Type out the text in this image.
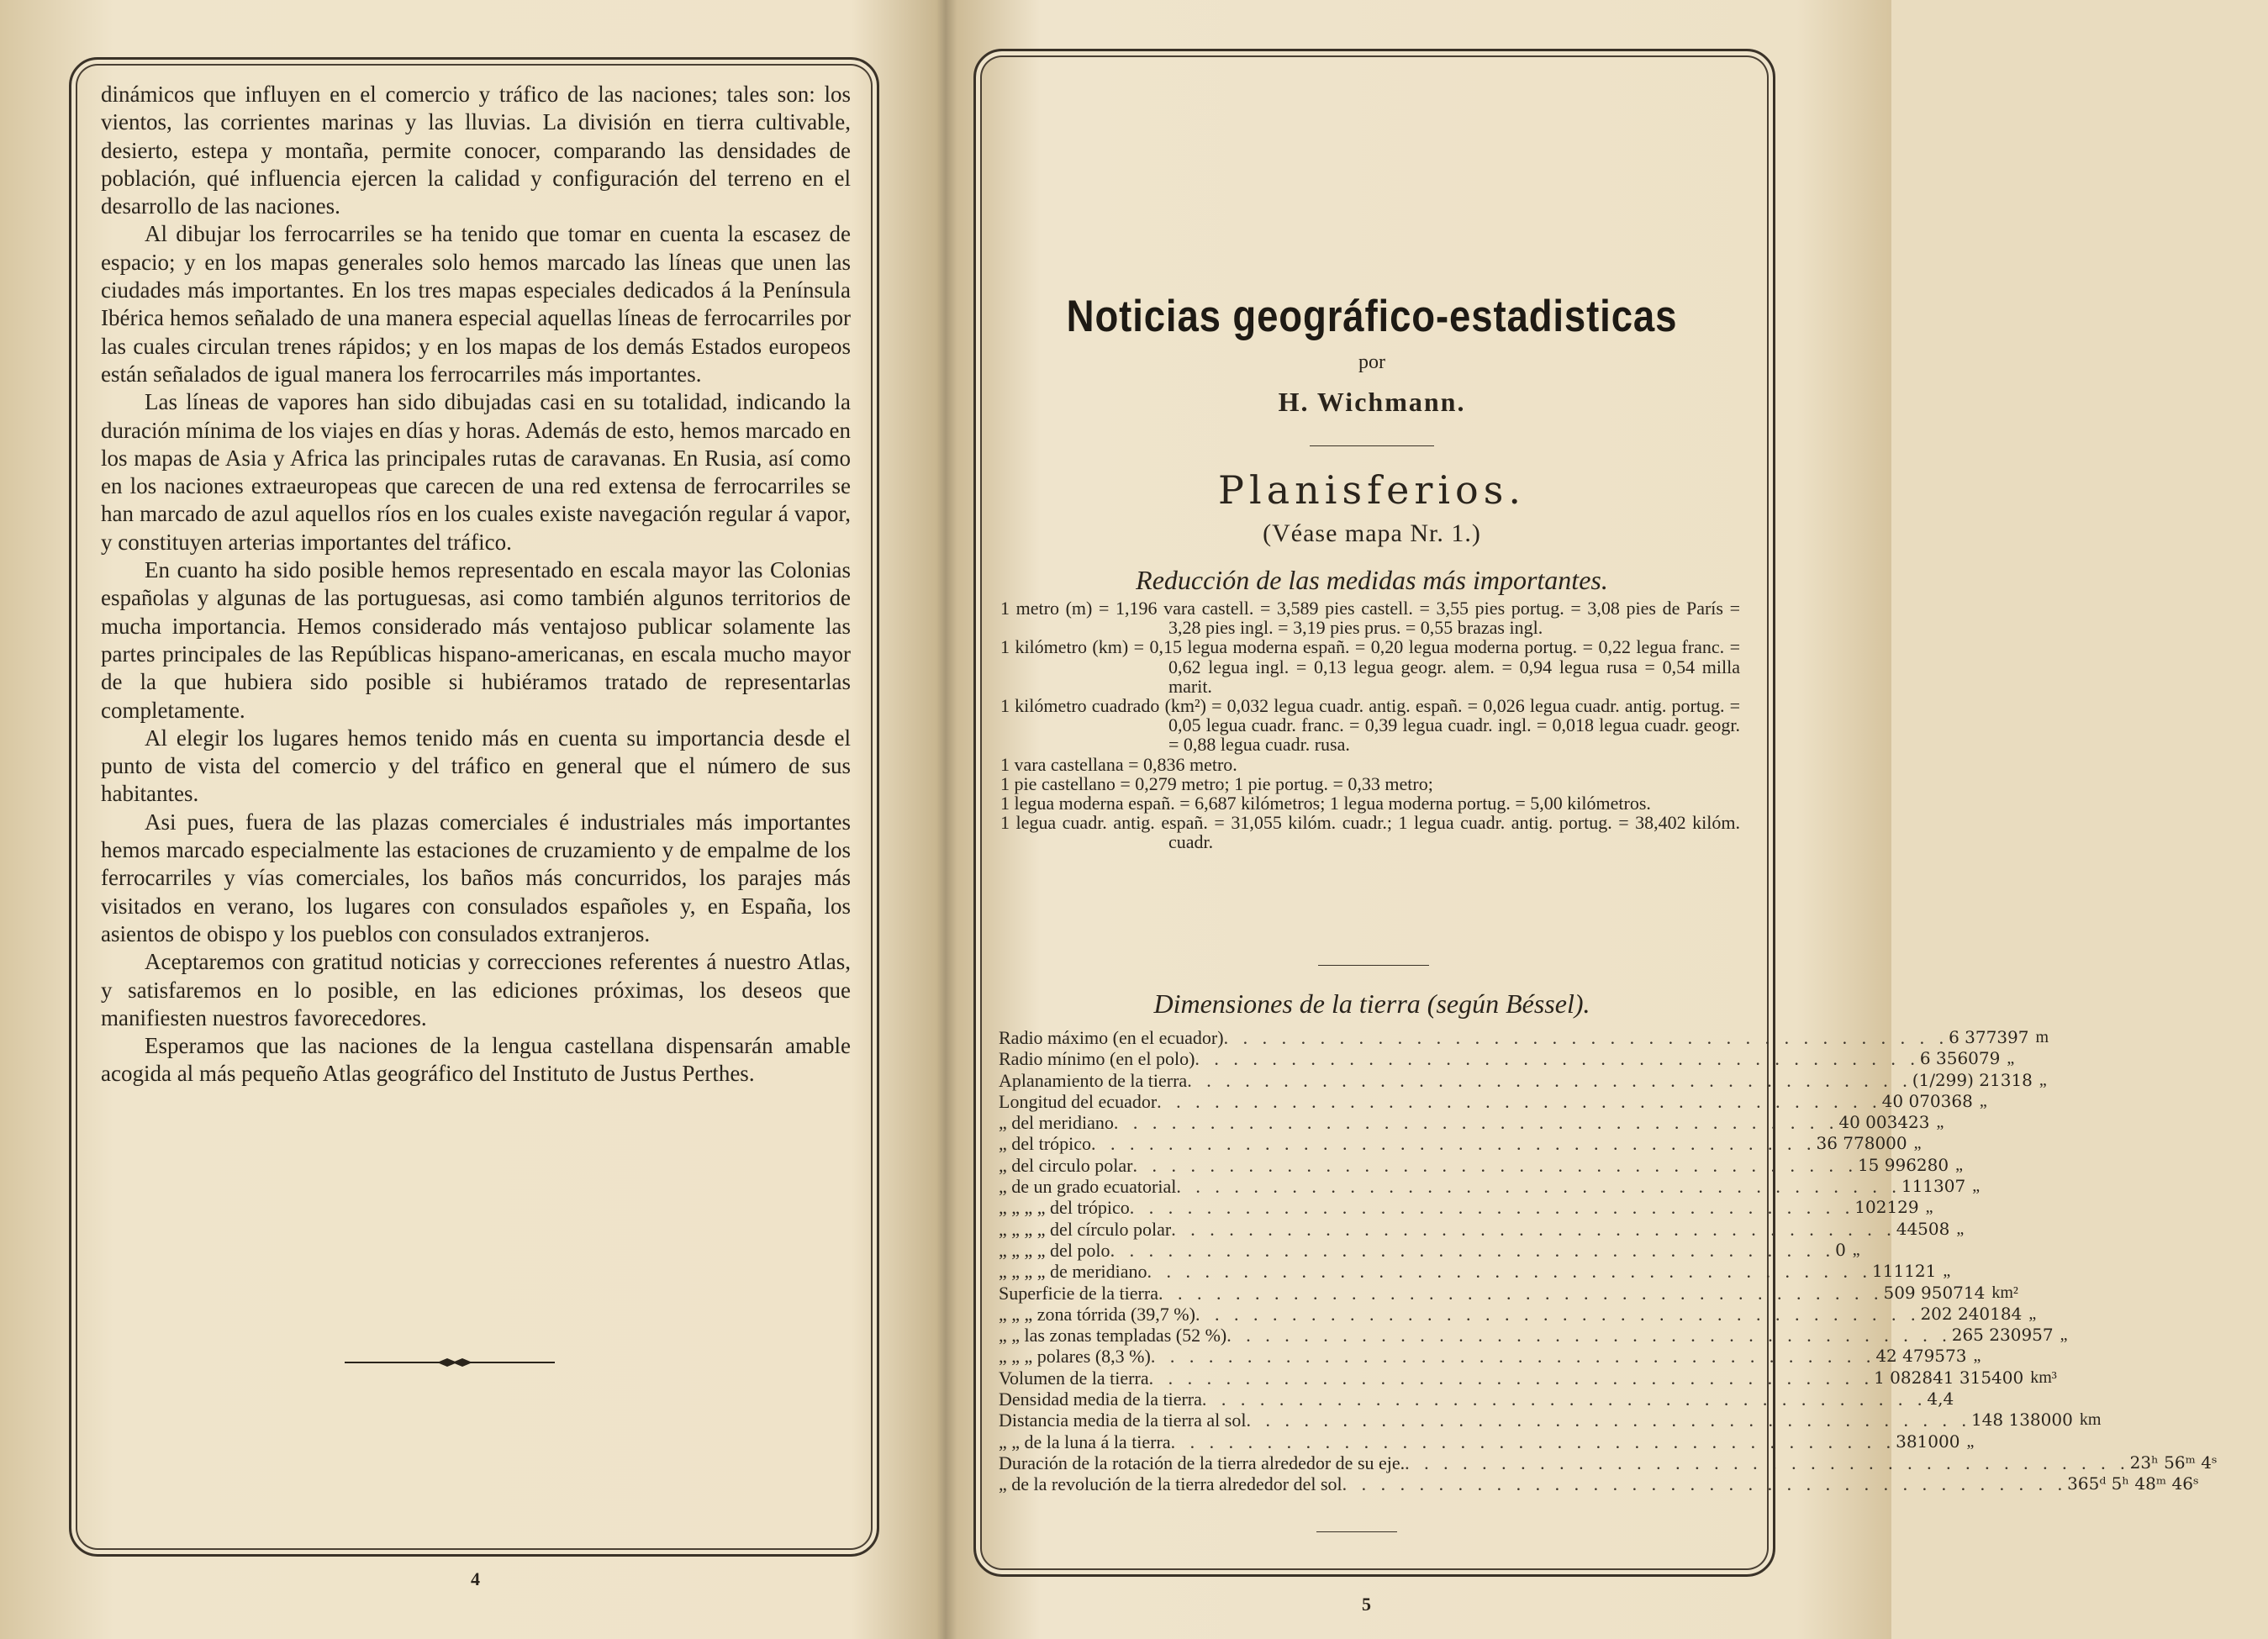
dinámicos que influyen en el comercio y tráfico de las naciones; tales son: los vientos, las corrientes marinas y las lluvias. La división en tierra cultivable, desierto, estepa y montaña, permite conocer, comparando las densidades de población, qué influencia ejercen la calidad y configuración del terreno en el desarrollo de las naciones.

Al dibujar los ferrocarriles se ha tenido que tomar en cuenta la escasez de espacio; y en los mapas generales solo hemos marcado las líneas que unen las ciudades más importantes. En los tres mapas especiales dedicados á la Península Ibérica hemos señalado de una manera especial aquellas líneas de ferrocarriles por las cuales circulan trenes rápidos; y en los mapas de los demás Estados europeos están señalados de igual manera los ferrocarriles más importantes.

Las líneas de vapores han sido dibujadas casi en su totalidad, indicando la duración mínima de los viajes en días y horas. Además de esto, hemos marcado en los mapas de Asia y Africa las principales rutas de caravanas. En Rusia, así como en los naciones extraeuropeas que carecen de una red extensa de ferrocarriles se han marcado de azul aquellos ríos en los cuales existe navegación regular á vapor, y constituyen arterias importantes del tráfico.

En cuanto ha sido posible hemos representado en escala mayor las Colonias españolas y algunas de las portuguesas, asi como también algunos territorios de mucha importancia. Hemos considerado más ventajoso publicar solamente las partes principales de las Repúblicas hispano-americanas, en escala mucho mayor de la que hubiera sido posible si hubiéramos tratado de representarlas completamente.

Al elegir los lugares hemos tenido más en cuenta su importancia desde el punto de vista del comercio y del tráfico en general que el número de sus habitantes.

Asi pues, fuera de las plazas comerciales é industriales más importantes hemos marcado especialmente las estaciones de cruzamiento y de empalme de los ferrocarriles y vías comerciales, los baños más concurridos, los parajes más visitados en verano, los lugares con consulados españoles y, en España, los asientos de obispo y los pueblos con consulados extranjeros.

Aceptaremos con gratitud noticias y correcciones referentes á nuestro Atlas, y satisfaremos en lo posible, en las ediciones próximas, los deseos que manifiesten nuestros favorecedores.

Esperamos que las naciones de la lengua castellana dispensarán amable acogida al más pequeño Atlas geográfico del Instituto de Justus Perthes.

4
Noticias geográfico-estadisticas
por
H. Wichmann.
Planisferios.
(Véase mapa Nr. 1.)
Reducción de las medidas más importantes.

1 metro (m) = 1,196 vara castell. = 3,589 pies castell. = 3,55 pies portug. = 3,08 pies de París = 3,28 pies ingl. = 3,19 pies prus. = 0,55 brazas ingl.

1 kilómetro (km) = 0,15 legua moderna españ. = 0,20 legua moderna portug. = 0,22 legua franc. = 0,62 legua ingl. = 0,13 legua geogr. alem. = 0,94 legua rusa = 0,54 milla marit.

1 kilómetro cuadrado (km²) = 0,032 legua cuadr. antig. españ. = 0,026 legua cuadr. antig. portug. = 0,05 legua cuadr. franc. = 0,39 legua cuadr. ingl. = 0,018 legua cuadr. geogr. = 0,88 legua cuadr. rusa.

1 vara castellana = 0,836 metro.

1 pie castellano = 0,279 metro; 1 pie portug. = 0,33 metro;

1 legua moderna españ. = 6,687 kilómetros; 1 legua moderna portug. = 5,00 kilómetros.

1 legua cuadr. antig. españ. = 31,055 kilóm. cuadr.; 1 legua cuadr. antig. portug. = 38,402 kilóm. cuadr.

Dimensiones de la tierra (según Béssel).
Radio máximo (en el ecuador) . . . . . . . . . . . . . . . . . . . . . . . . . . . . . . . . . . . . . . 6 377397 m
Radio mínimo (en el polo) . . . . . . . . . . . . . . . . . . . . . . . . . . . . . . . . . . . . . . 6 356079 „
Aplanamiento de la tierra . . . . . . . . . . . . . . . . . . . . . . . . . . . . . . . . . . . . . . (1/299) 21318 „
Longitud del ecuador . . . . . . . . . . . . . . . . . . . . . . . . . . . . . . . . . . . . . . 40 070368 „
„ del meridiano . . . . . . . . . . . . . . . . . . . . . . . . . . . . . . . . . . . . . . 40 003423 „
„ del trópico . . . . . . . . . . . . . . . . . . . . . . . . . . . . . . . . . . . . . . 36 778000 „
„ del circulo polar . . . . . . . . . . . . . . . . . . . . . . . . . . . . . . . . . . . . . . 15 996280 „
„ de un grado ecuatorial . . . . . . . . . . . . . . . . . . . . . . . . . . . . . . . . . . . . . . 111307 „
„ „ „ „ del trópico . . . . . . . . . . . . . . . . . . . . . . . . . . . . . . . . . . . . . . 102129 „
„ „ „ „ del círculo polar . . . . . . . . . . . . . . . . . . . . . . . . . . . . . . . . . . . . . . 44508 „
„ „ „ „ del polo . . . . . . . . . . . . . . . . . . . . . . . . . . . . . . . . . . . . . . 0 „
„ „ „ „ de meridiano . . . . . . . . . . . . . . . . . . . . . . . . . . . . . . . . . . . . . . 111121 „
Superficie de la tierra . . . . . . . . . . . . . . . . . . . . . . . . . . . . . . . . . . . . . . 509 950714 km²
„ „ „ zona tórrida (39,7 %) . . . . . . . . . . . . . . . . . . . . . . . . . . . . . . . . . . . . . . 202 240184 „
„ „ las zonas templadas (52 %) . . . . . . . . . . . . . . . . . . . . . . . . . . . . . . . . . . . . . . 265 230957 „
„ „ „ polares (8,3 %) . . . . . . . . . . . . . . . . . . . . . . . . . . . . . . . . . . . . . . 42 479573 „
Volumen de la tierra . . . . . . . . . . . . . . . . . . . . . . . . . . . . . . . . . . . . . . 1 082841 315400 km³
Densidad media de la tierra . . . . . . . . . . . . . . . . . . . . . . . . . . . . . . . . . . . . . . 4,4
Distancia media de la tierra al sol . . . . . . . . . . . . . . . . . . . . . . . . . . . . . . . . . . . . . . 148 138000 km
„ „ de la luna á la tierra . . . . . . . . . . . . . . . . . . . . . . . . . . . . . . . . . . . . . . 381000 „
Duración de la rotación de la tierra alrededor de su eje. . . . . . . . . . . . . . . . . . . . . . . . . . . . . . . . . . . . . . . 23ʰ 56ᵐ 4ˢ
„ de la revolución de la tierra alrededor del sol . . . . . . . . . . . . . . . . . . . . . . . . . . . . . . . . . . . . . . 365ᵈ 5ʰ 48ᵐ 46ˢ
5
